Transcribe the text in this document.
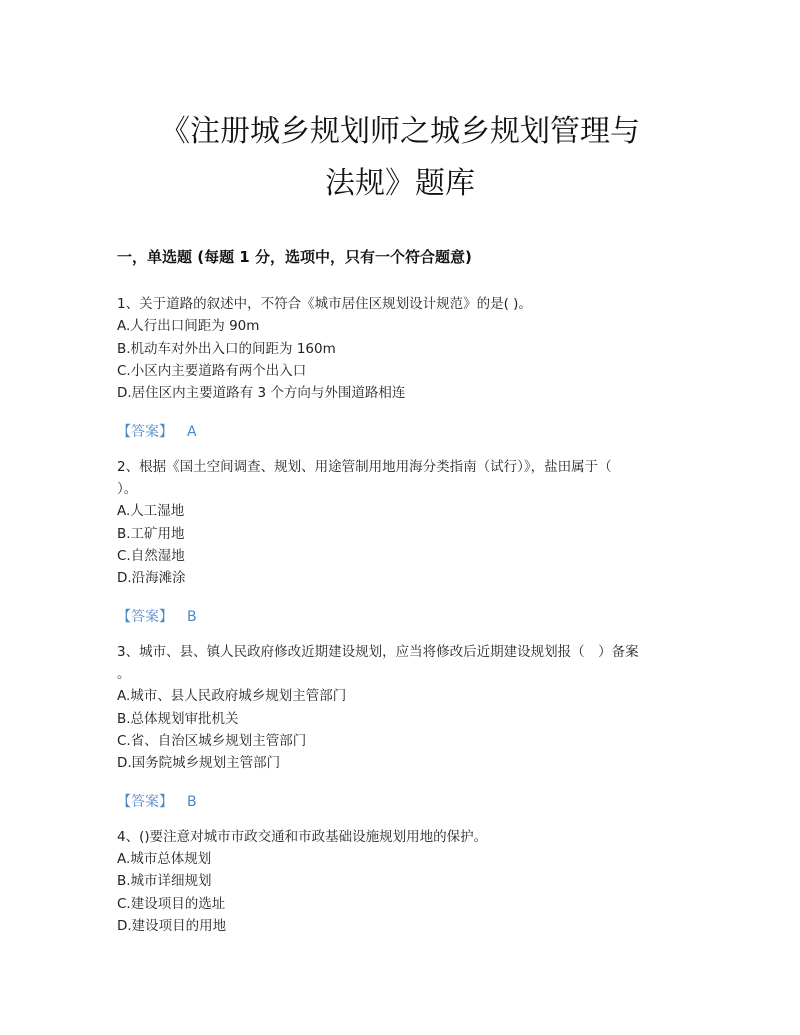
《注册城乡规划师之城乡规划管理与
法规》题库
一，单选题 (每题 1 分，选项中，只有一个符合题意)
1、关于道路的叙述中，不符合《城市居住区规划设计规范》的是( )。
A.人行出口间距为 90m
B.机动车对外出入口的间距为 160m
C.小区内主要道路有两个出入口
D.居住区内主要道路有 3 个方向与外围道路相连
【答案】 A
2、根据《国土空间调查、规划、用途管制用地用海分类指南（试行）》，盐田属于（
）。
A.人工湿地
B.工矿用地
C.自然湿地
D.沿海滩涂
【答案】 B
3、城市、县、镇人民政府修改近期建设规划，应当将修改后近期建设规划报（　）备案
。
A.城市、县人民政府城乡规划主管部门
B.总体规划审批机关
C.省、自治区城乡规划主管部门
D.国务院城乡规划主管部门
【答案】 B
4、()要注意对城市市政交通和市政基础设施规划用地的保护。
A.城市总体规划
B.城市详细规划
C.建设项目的选址
D.建设项目的用地
